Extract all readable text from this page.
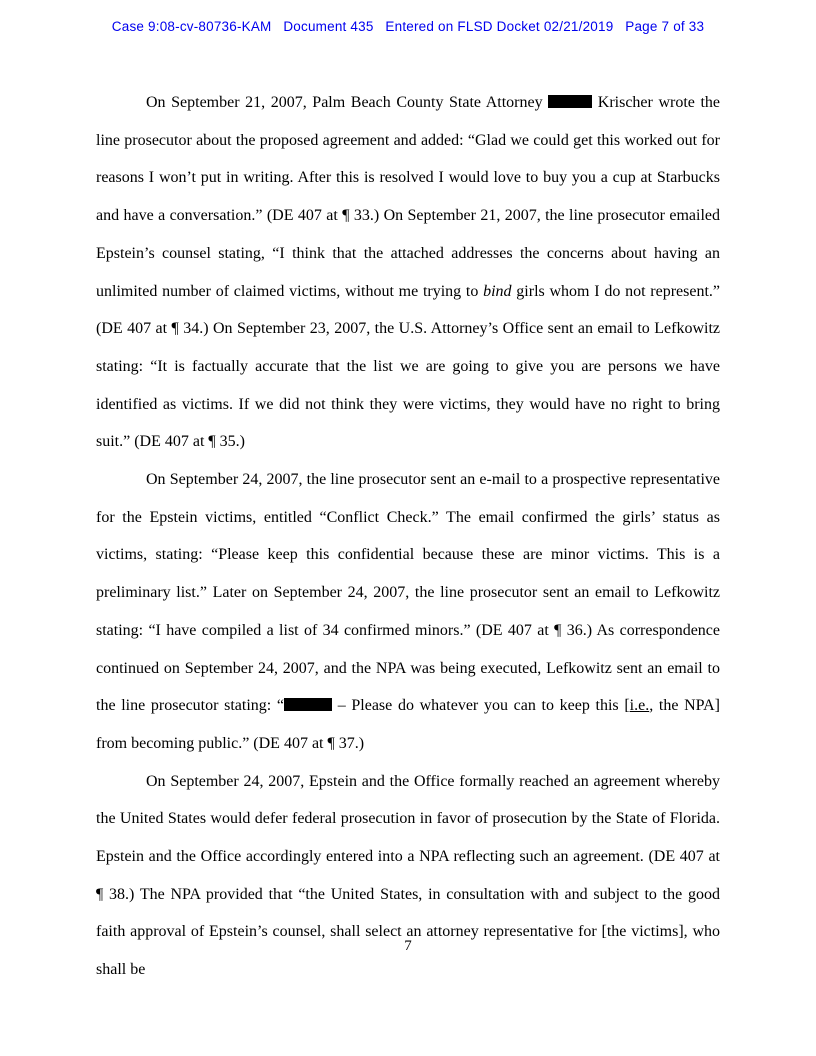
Case 9:08-cv-80736-KAM   Document 435   Entered on FLSD Docket 02/21/2019   Page 7 of 33

On September 21, 2007, Palm Beach County State Attorney	Krischer wrote the line prosecutor about the proposed agreement and added: “Glad we could get this worked out for reasons I won’t put in writing. After this is resolved I would love to buy you a cup at Starbucks and have a conversation.” (DE 407 at ¶ 33.) On September 21, 2007, the line prosecutor emailed Epstein’s counsel stating, “I think that the attached addresses the concerns about having an unlimited number of claimed victims, without me trying to bind girls whom I do not represent.” (DE 407 at ¶ 34.) On September 23, 2007, the U.S. Attorney’s Office sent an email to Lefkowitz stating: “It is factually accurate that the list we are going to give you are persons we have identified as victims. If we did not think they were victims, they would have no right to bring suit.” (DE 407 at ¶ 35.)

On September 24, 2007, the line prosecutor sent an e-mail to a prospective representative for the Epstein victims, entitled “Conflict Check.” The email confirmed the girls’ status as victims, stating: “Please keep this confidential because these are minor victims. This is a preliminary list.” Later on September 24, 2007, the line prosecutor sent an email to Lefkowitz stating: “I have compiled a list of 34 confirmed minors.” (DE 407 at ¶ 36.) As correspondence continued on September 24, 2007, and the NPA was being executed, Lefkowitz sent an email to the line prosecutor stating: “	– Please do whatever you can to keep this [i.e., the NPA] from becoming public.” (DE 407 at ¶ 37.)

On September 24, 2007, Epstein and the Office formally reached an agreement whereby the United States would defer federal prosecution in favor of prosecution by the State of Florida. Epstein and the Office accordingly entered into a NPA reflecting such an agreement. (DE 407 at ¶ 38.) The NPA provided that “the United States, in consultation with and subject to the good faith approval of Epstein’s counsel, shall select an attorney representative for [the victims], who shall be

7
